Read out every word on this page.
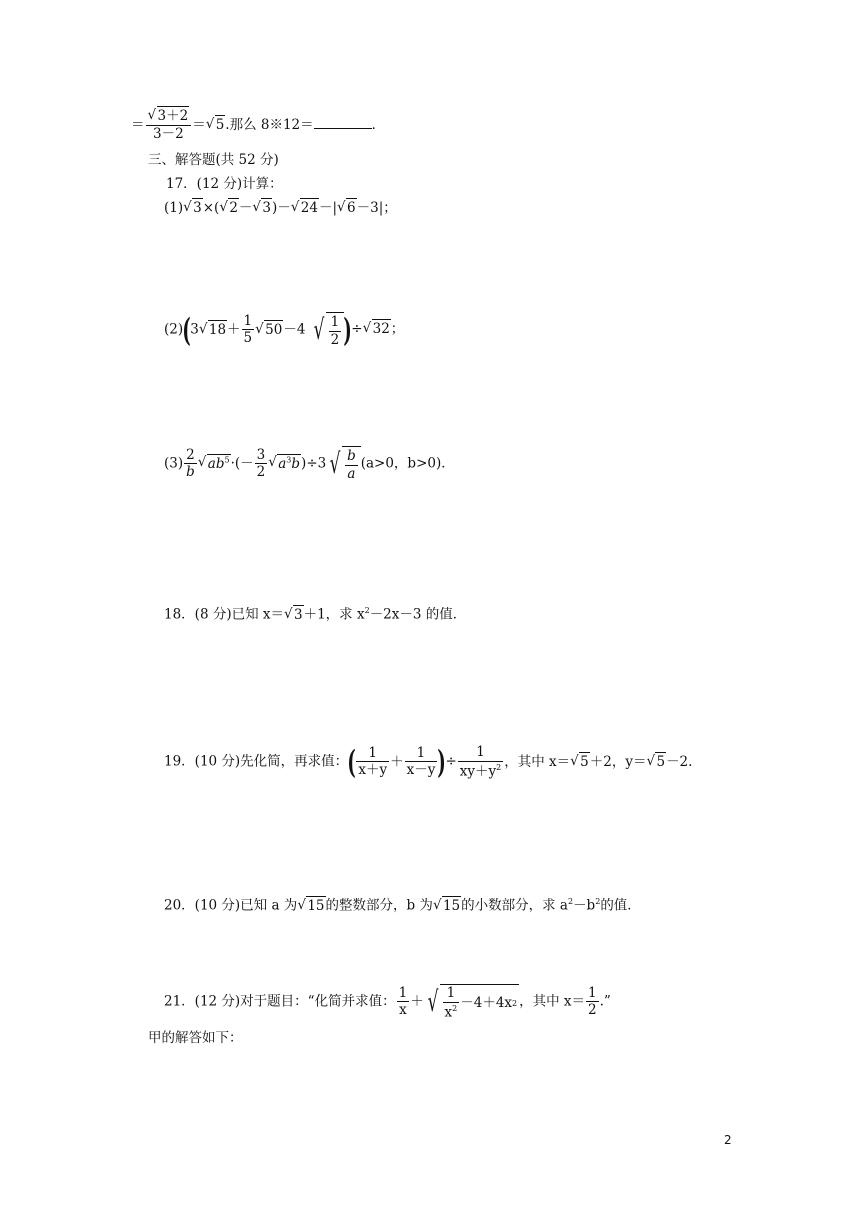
＝ √ $\frac{3+2}{3-2}$ ＝ √ 5.那么 8※12＝	．
三、解答题(共 52 分)
17．(12 分)计算：
(1) √ 3×( √ 2－ √ 3)－ √ 24－| √ 6－3|；
(2)(3 √ $18+ \frac{1}{5}$ √ 50－4 √ $\frac{1}{2}$ )÷ √ 32；
$(3) \frac{2}{b}$ √ $ab^5\cdot(- \frac{3}{2}$ √ $a^3b)\div 3$ √ $\frac{b}{a} (a>0$，b>0)．
18．(8 分)已知 x＝ √ 3＋1，求 $x^2-2x-3$ 的值．
19．(10 分)先化简，再求值：( $\frac{1}{x+y} + \frac{1}{x-y}$ )÷ $\frac{1}{xy+y^2}$ ，其中 x＝ √ 5＋2，y＝ √ 5－2.
20．(10 分)已知 a 为 √ 15的整数部分，b 为 √ 15的小数部分，求 $a^2-b^2$的值．
21．(12 分)对于题目：“化简并求值： $\frac{1}{x}$ ＋ √ $\frac{1}{x^2} -4+4x$ 2 ，其中 $x= \frac{1}{2}$ .”
甲的解答如下：
2
